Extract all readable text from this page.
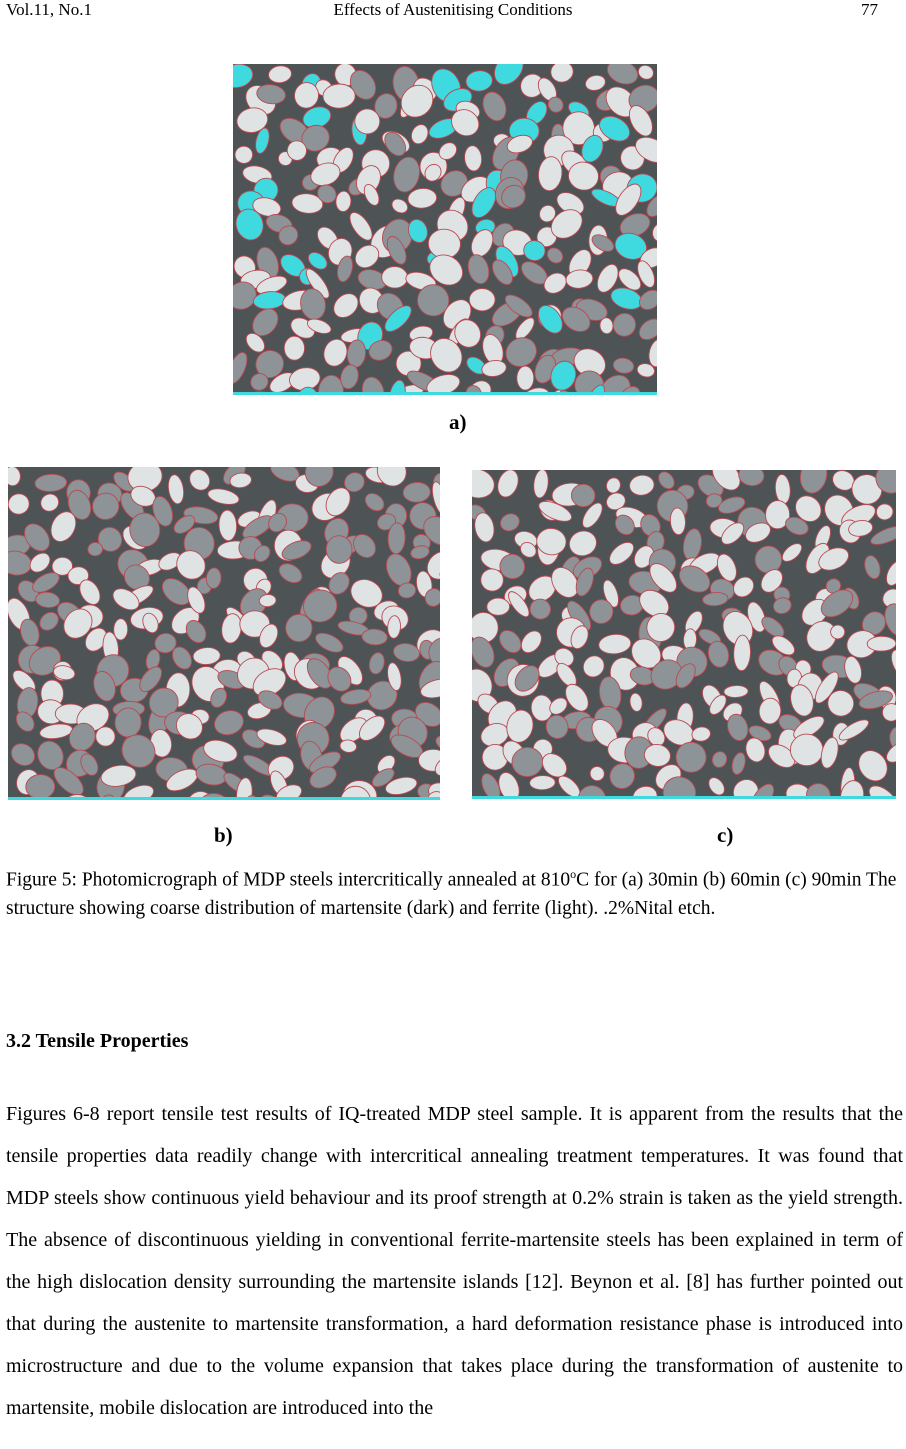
Vol.11, No.1	Effects of Austenitising Conditions	77
a)
b)	c)

Figure 5: Photomicrograph of MDP steels intercritically annealed at 810$^o$C for (a) 30min (b) 60min (c) 90min The structure showing coarse distribution of martensite (dark) and ferrite (light). .2%Nital etch.

3.2 Tensile Properties

Figures 6-8 report tensile test results of IQ-treated MDP steel sample. It is apparent from the results that the tensile properties data readily change with intercritical annealing treatment temperatures. It was found that MDP steels show continuous yield behaviour and its proof strength at 0.2% strain is taken as the yield strength. The absence of discontinuous yielding in conventional ferrite-martensite steels has been explained in term of the high dislocation density surrounding the martensite islands [12]. Beynon et al. [8] has further pointed out that during the austenite to martensite transformation, a hard deformation resistance phase is introduced into microstructure and due to the volume expansion that takes place during the transformation of austenite to martensite, mobile dislocation are introduced into the
